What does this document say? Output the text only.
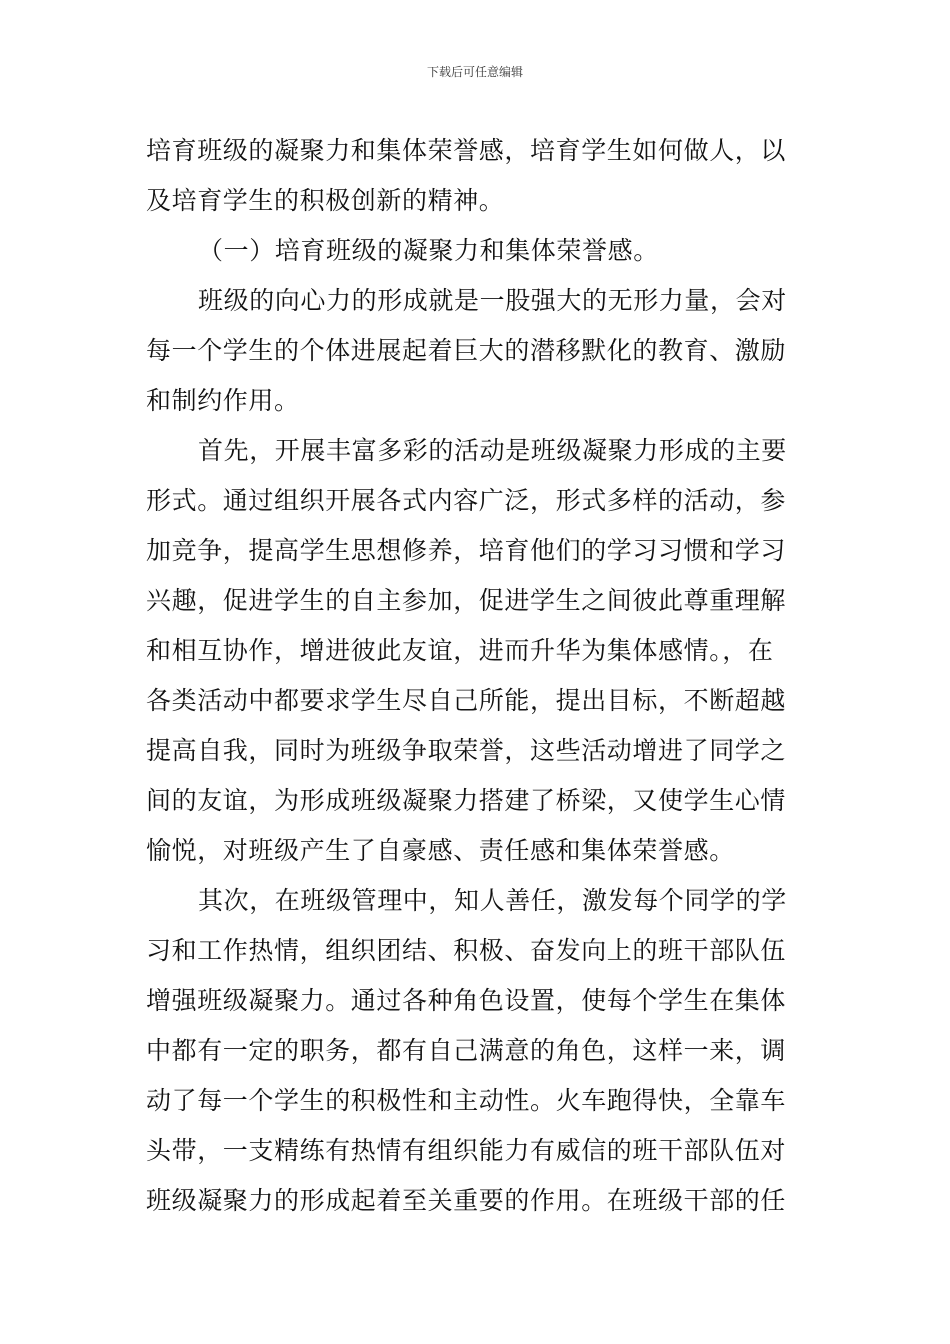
下载后可任意编辑
培育班级的凝聚力和集体荣誉感，培育学生如何做人，以
及培育学生的积极创新的精神。
（一）培育班级的凝聚力和集体荣誉感。
班级的向心力的形成就是一股强大的无形力量，会对
每一个学生的个体进展起着巨大的潜移默化的教育、激励
和制约作用。
首先，开展丰富多彩的活动是班级凝聚力形成的主要
形式。通过组织开展各式内容广泛，形式多样的活动，参
加竞争，提高学生思想修养，培育他们的学习习惯和学习
兴趣，促进学生的自主参加，促进学生之间彼此尊重理解
和相互协作，增进彼此友谊，进而升华为集体感情。，在
各类活动中都要求学生尽自己所能，提出目标，不断超越
提高自我，同时为班级争取荣誉，这些活动增进了同学之
间的友谊，为形成班级凝聚力搭建了桥梁，又使学生心情
愉悦，对班级产生了自豪感、责任感和集体荣誉感。
其次，在班级管理中，知人善任，激发每个同学的学
习和工作热情，组织团结、积极、奋发向上的班干部队伍
增强班级凝聚力。通过各种角色设置，使每个学生在集体
中都有一定的职务，都有自己满意的角色，这样一来，调
动了每一个学生的积极性和主动性。火车跑得快，全靠车
头带，一支精练有热情有组织能力有威信的班干部队伍对
班级凝聚力的形成起着至关重要的作用。在班级干部的任
